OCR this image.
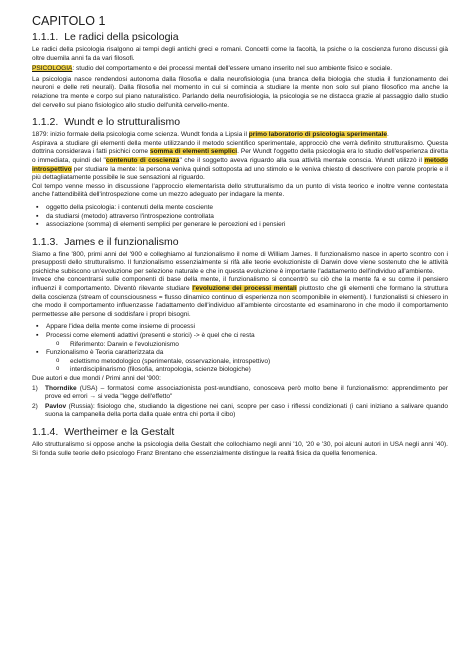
CAPITOLO 1
1.1.1. Le radici della psicologia

Le radici della psicologia risalgono ai tempi degli antichi greci e romani. Concetti come la facoltà, la psiche o la coscienza furono discussi già oltre duemila anni fa da vari filosofi.

PSICOLOGIA: studio del comportamento e dei processi mentali dell'essere umano inserito nel suo ambiente fisico e sociale.

La psicologia nasce rendendosi autonoma dalla filosofia e dalla neurofisiologia (una branca della biologia che studia il funzionamento dei neuroni e delle reti neurali). Dalla filosofia nel momento in cui si comincia a studiare la mente non solo sul piano filosofico ma anche la relazione tra mente e corpo sul piano naturalistico. Parlando della neurofisiologia, la psicologia se ne distacca grazie al passaggio dallo studio del cervello sul piano fisiologico allo studio dell'unità cervello-mente.

1.1.2. Wundt e lo strutturalismo

1879: inizio formale della psicologia come scienza. Wundt fonda a Lipsia il primo laboratorio di psicologia sperimentale.

Aspirava a studiare gli elementi della mente utilizzando il metodo scientifico sperimentale, approcciò che verrà definito strutturalismo. Questa dottrina considerava i fatti psichici come somma di elementi semplici. Per Wundt l'oggetto della psicologia era lo studio dell'esperienza diretta o immediata, quindi del "contenuto di coscienza" che il soggetto aveva riguardo alla sua attività mentale conscia. Wundt utilizzò il metodo introspettivo per studiare la mente: la persona veniva quindi sottoposta ad uno stimolo e le veniva chiesto di descrivere con parole proprie e il più dettagliatamente possibile le sue sensazioni al riguardo.

Col tempo venne messo in discussione l'approccio elementarista dello strutturalismo da un punto di vista teorico e inoltre venne contestata anche l'attendibilità dell'introspezione come un mezzo adeguato per indagare la mente.

▪ oggetto della psicologia: i contenuti della mente cosciente
▪ da studiarsi (metodo) attraverso l'introspezione controllata
▪ associazione (somma) di elementi semplici per generare le percezioni ed i pensieri
1.1.3. James e il funzionalismo

Siamo a fine '800, primi anni del '900 e colleghiamo al funzionalismo il nome di William James. Il funzionalismo nasce in aperto scontro con i presupposti dello strutturalismo. Il funzionalismo essenzialmente si rifà alle teorie evoluzioniste di Darwin dove viene sostenuto che le attività psichiche subiscono un'evoluzione per selezione naturale e che in questa evoluzione è importante l'adattamento dell'individuo all'ambiente.

Invece che concentrarsi sulle componenti di base della mente, il funzionalismo si concentrò su ciò che la mente fa e su come il pensiero influenzi il comportamento. Diventò rilevante studiare l'evoluzione dei processi mentali piuttosto che gli elementi che formano la struttura della coscienza (stream of counsciousness = flusso dinamico continuo di esperienza non scomponibile in elementi). I funzionalisti si chiesero in che modo il comportamento influenzasse l'adattamento dell'individuo all'ambiente circostante ed esaminarono in che modo il comportamento permettesse alle persone di soddisfare i propri bisogni.

▪ Appare l'idea della mente come insieme di processi
▪ Processi come elementi adattivi (presenti e storici) -> è quel che ci resta
o Riferimento: Darwin e l'evoluzionismo
▪ Funzionalismo è Teoria caratterizzata da
o eclettismo metodologico (sperimentale, osservazionale, introspettivo)
o interdisciplinarismo (filosofia, antropologia, scienze biologiche)

Due autori e due mondi / Primi anni del '900:

1) Thorndike (USA) – formatosi come associazionista post-wundtiano, conosceva però molto bene il funzionalismo: apprendimento per prove ed errori → si veda "legge dell'effetto"
2) Pavlov (Russia): fisiologo che, studiando la digestione nei cani, scopre per caso i riflessi condizionati (i cani iniziano a salivare quando suona la campanella della porta dalla quale entra chi porta il cibo)
1.1.4. Wertheimer e la Gestalt

Allo strutturalismo si oppose anche la psicologia della Gestalt che collochiamo negli anni '10, '20 e '30, poi alcuni autori in USA negli anni '40). Si fonda sulle teorie dello psicologo Franz Brentano che essenzialmente distingue la realtà fisica da quella fenomenica.
